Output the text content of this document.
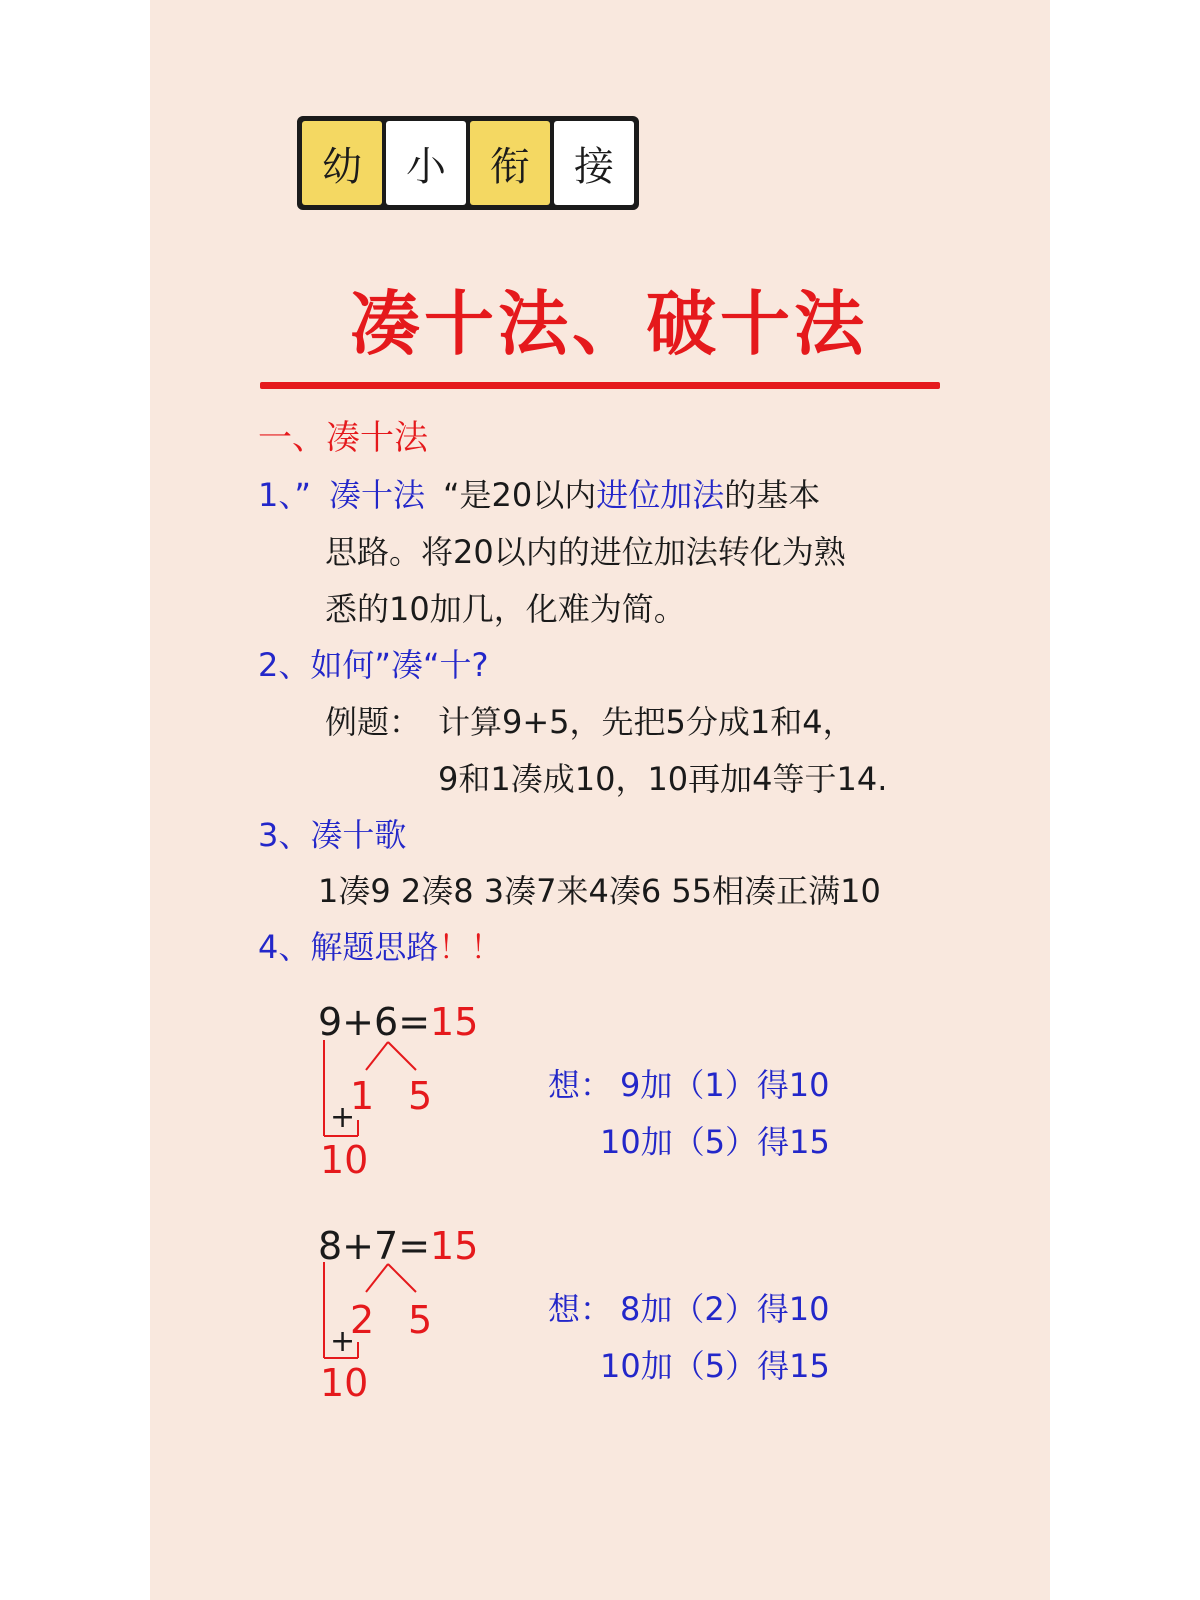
幼	小	衔	接
凑十法、破十法
一、凑十法
1、” 凑十法 “是20以内进位加法的基本
思路。将20以内的进位加法转化为熟
悉的10加几，化难为简。
2、如何”凑“十?
例题： 计算9+5，先把5分成1和4，
9和1凑成10，10再加4等于14.
3、凑十歌
1凑9 2凑8 3凑7来4凑6 55相凑正满10
4、解题思路！！
9+6=15
1 5
+
10
想： 9加（1）得10
10加（5）得15
8+7=15
2 5
+
10
想： 8加（2）得10
10加（5）得15
